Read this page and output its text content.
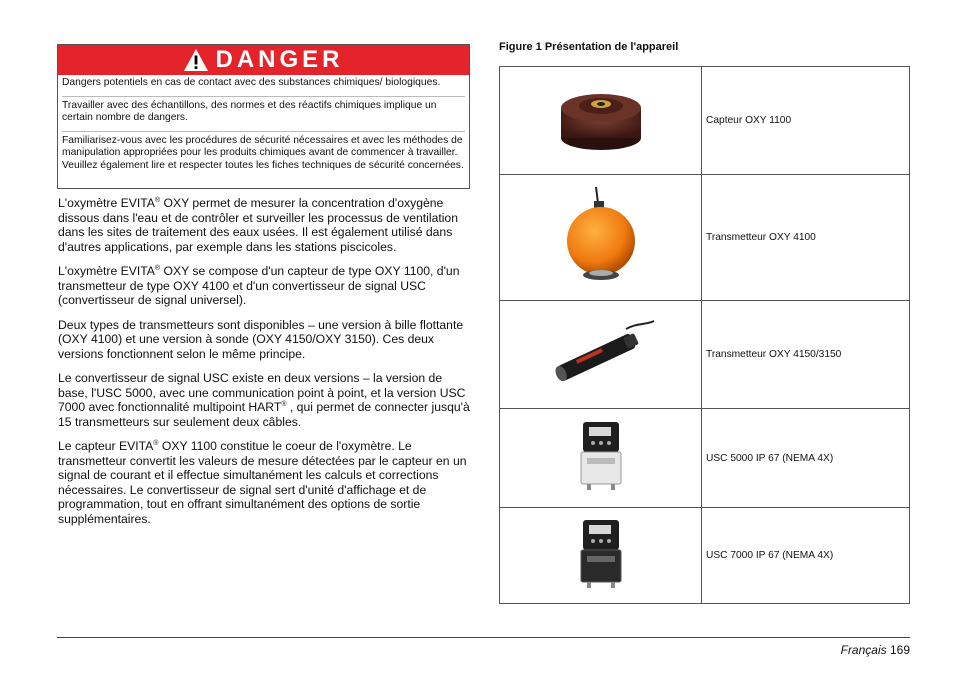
DANGER

Dangers potentiels en cas de contact avec des substances chimiques/ biologiques.

Travailler avec des échantillons, des normes et des réactifs chimiques implique un certain nombre de dangers.

Familiarisez-vous avec les procédures de sécurité nécessaires et avec les méthodes de manipulation appropriées pour les produits chimiques avant de commencer à travailler. Veuillez également lire et respecter toutes les fiches techniques de sécurité concernées.

L'oxymètre EVITA® OXY permet de mesurer la concentration d'oxygène dissous dans l'eau et de contrôler et surveiller les processus de ventilation dans les sites de traitement des eaux usées. Il est également utilisé dans d'autres applications, par exemple dans les stations piscicoles.

L'oxymètre EVITA® OXY se compose d'un capteur de type OXY 1100, d'un transmetteur de type OXY 4100 et d'un convertisseur de signal USC (convertisseur de signal universel).

Deux types de transmetteurs sont disponibles – une version à bille flottante (OXY 4100) et une version à sonde (OXY 4150/OXY 3150). Ces deux versions fonctionnent selon le même principe.

Le convertisseur de signal USC existe en deux versions – la version de base, l'USC 5000, avec une communication point à point, et la version USC 7000 avec fonctionnalité multipoint HART® , qui permet de connecter jusqu'à 15 transmetteurs sur seulement deux câbles.

Le capteur EVITA® OXY 1100 constitue le coeur de l'oxymètre. Le transmetteur convertit les valeurs de mesure détectées par le capteur en un signal de courant et il effectue simultanément les calculs et corrections nécessaires. Le convertisseur de signal sert d'unité d'affichage et de programmation, tout en offrant simultanément des options de sortie supplémentaires.

Figure 1 Présentation de l'appareil
	Capteur OXY 1100
	Transmetteur OXY 4100
	Transmetteur OXY 4150/3150
	USC 5000 IP 67 (NEMA 4X)
	USC 7000 IP 67 (NEMA 4X)
Français 169
